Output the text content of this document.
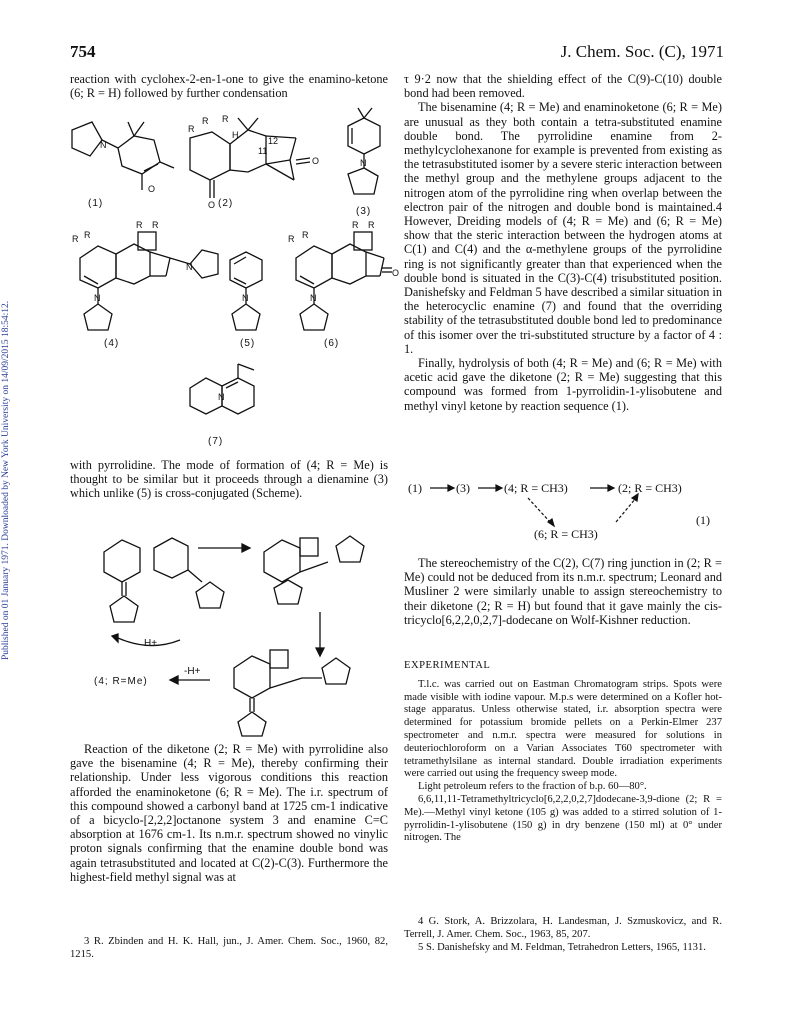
754	J. Chem. Soc. (C), 1971
Published on 01 January 1971. Downloaded by New York University on 14/09/2015 18:54:12.

reaction with cyclohex-2-en-1-one to give the enamino-ketone (6; R = H) followed by further condensation

N
O
O
O
R
R R
H
11
12
N
R R
R R
N	N	N
N
N
R R
R R
O
(1)	(2)
(3)
(4)	(5)	(6)
(7)

with pyrrolidine. The mode of formation of (4; R = Me) is thought to be similar but it proceeds through a dienamine (3) which unlike (5) is cross-conjugated (Scheme).

H+
-H+
(4; R=Me)

Reaction of the diketone (2; R = Me) with pyrrolidine also gave the bisenamine (4; R = Me), thereby confirming their relationship. Under less vigorous conditions this reaction afforded the enaminoketone (6; R = Me). The i.r. spectrum of this compound showed a carbonyl band at 1725 cm-1 indicative of a bicyclo-[2,2,2]octanone system 3 and enamine C=C absorption at 1676 cm-1. Its n.m.r. spectrum showed no vinylic proton signals confirming that the enamine double bond was again tetrasubstituted and located at C(2)-C(3). Furthermore the highest-field methyl signal was at

3 R. Zbinden and H. K. Hall, jun., J. Amer. Chem. Soc., 1960, 82, 1215.

τ 9·2 now that the shielding effect of the C(9)-C(10) double bond had been removed.

The bisenamine (4; R = Me) and enaminoketone (6; R = Me) are unusual as they both contain a tetra-substituted enamine double bond. The pyrrolidine enamine from 2-methylcyclohexanone for example is prevented from existing as the tetrasubstituted isomer by a severe steric interaction between the methyl group and the methylene groups adjacent to the nitrogen atom of the pyrrolidine ring when overlap between the electron pair of the nitrogen and double bond is maintained.4 However, Dreiding models of (4; R = Me) and (6; R = Me) show that the steric interaction between the hydrogen atoms at C(1) and C(4) and the α-methylene groups of the pyrrolidine ring is not significantly greater than that experienced when the double bond is situated in the C(3)-C(4) trisubstituted position. Danishefsky and Feldman 5 have described a similar situation in the heterocyclic enamine (7) and found that the overriding stability of the tetrasubstituted double bond led to predominance of this isomer over the tri-substituted structure by a factor of 4 : 1.

Finally, hydrolysis of both (4; R = Me) and (6; R = Me) with acetic acid gave the diketone (2; R = Me) suggesting that this compound was formed from 1-pyrrolidin-1-ylisobutene and methyl vinyl ketone by reaction sequence (1).

(1)	(3)	(4; R = CH3)	(2; R = CH3)
(6; R = CH3)
(1)

The stereochemistry of the C(2), C(7) ring junction in (2; R = Me) could not be deduced from its n.m.r. spectrum; Leonard and Musliner 2 were similarly unable to assign stereochemistry to their diketone (2; R = H) but found that it gave mainly the cis-tricyclo[6,2,2,0,2,7]-dodecane on Wolf-Kishner reduction.

EXPERIMENTAL

T.l.c. was carried out on Eastman Chromatogram strips. Spots were made visible with iodine vapour. M.p.s were determined on a Kofler hot-stage apparatus. Unless otherwise stated, i.r. absorption spectra were determined for potassium bromide pellets on a Perkin-Elmer 237 spectrometer and n.m.r. spectra were measured for solutions in deuteriochloroform on a Varian Associates T60 spectrometer with tetramethylsilane as internal standard. Double irradiation experiments were carried out using the frequency sweep mode.

Light petroleum refers to the fraction of b.p. 60—80°.

6,6,11,11-Tetramethyltricyclo[6,2,2,0,2,7]dodecane-3,9-dione (2; R = Me).—Methyl vinyl ketone (105 g) was added to a stirred solution of 1-pyrrolidin-1-ylisobutene (150 g) in dry benzene (150 ml) at 0° under nitrogen. The

4 G. Stork, A. Brizzolara, H. Landesman, J. Szmuskovicz, and R. Terrell, J. Amer. Chem. Soc., 1963, 85, 207.

5 S. Danishefsky and M. Feldman, Tetrahedron Letters, 1965, 1131.
